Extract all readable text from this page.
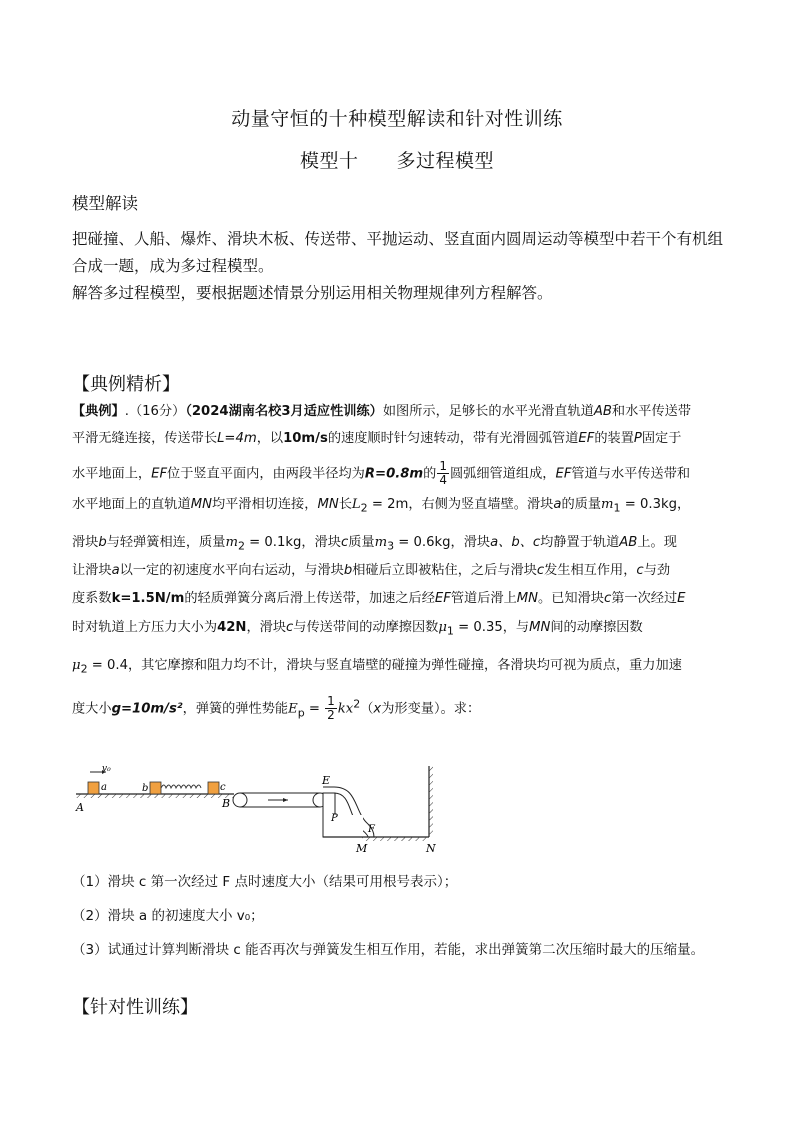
动量守恒的十种模型解读和针对性训练
模型十 多过程模型
模型解读

把碰撞、人船、爆炸、滑块木板、传送带、平抛运动、竖直面内圆周运动等模型中若干个有机组合成一题，成为多过程模型。

解答多过程模型，要根据题述情景分别运用相关物理规律列方程解答。

【典例精析】
【典例】.（16分）（2024湖南名校3月适应性训练）如图所示，足够长的水平光滑直轨道AB和水平传送带
平滑无缝连接，传送带长L=4m，以10m/s的速度顺时针匀速转动，带有光滑圆弧管道EF的装置P固定于
水平地面上，EF位于竖直平面内，由两段半径均为R=0.8m的 $\frac{1}{4}$ 圆弧细管道组成，EF管道与水平传送带和
水平地面上的直轨道MN均平滑相切连接，MN长$L_2 = 2m$，右侧为竖直墙壁。滑块a的质量$m_1 = 0.3kg$，
滑块b与轻弹簧相连，质量$m_2 = 0.1kg$，滑块c质量$m_3 = 0.6kg$，滑块a、b、c均静置于轨道AB上。现
让滑块a以一定的初速度水平向右运动，与滑块b相碰后立即被粘住，之后与滑块c发生相互作用，c与劲
度系数k=1.5N/m的轻质弹簧分离后滑上传送带，加速之后经EF管道后滑上MN。已知滑块c第一次经过E
时对轨道上方压力大小为42N，滑块c与传送带间的动摩擦因数$\mu_1 = 0.35$，与MN间的动摩擦因数
$\mu_2 = 0.4$，其它摩擦和阻力均不计，滑块与竖直墙壁的碰撞为弹性碰撞，各滑块均可视为质点，重力加速
度大小g=10m/s²，弹簧的弹性势能$E_p = \frac{1}{2} kx^2(x$为形变量）。求：
v₀
a
A
b	c
B
P
E
F
M	N
（1）滑块 c 第一次经过 F 点时速度大小（结果可用根号表示）；
（2）滑块 a 的初速度大小 v₀；
（3）试通过计算判断滑块 c 能否再次与弹簧发生相互作用，若能，求出弹簧第二次压缩时最大的压缩量。
【针对性训练】
